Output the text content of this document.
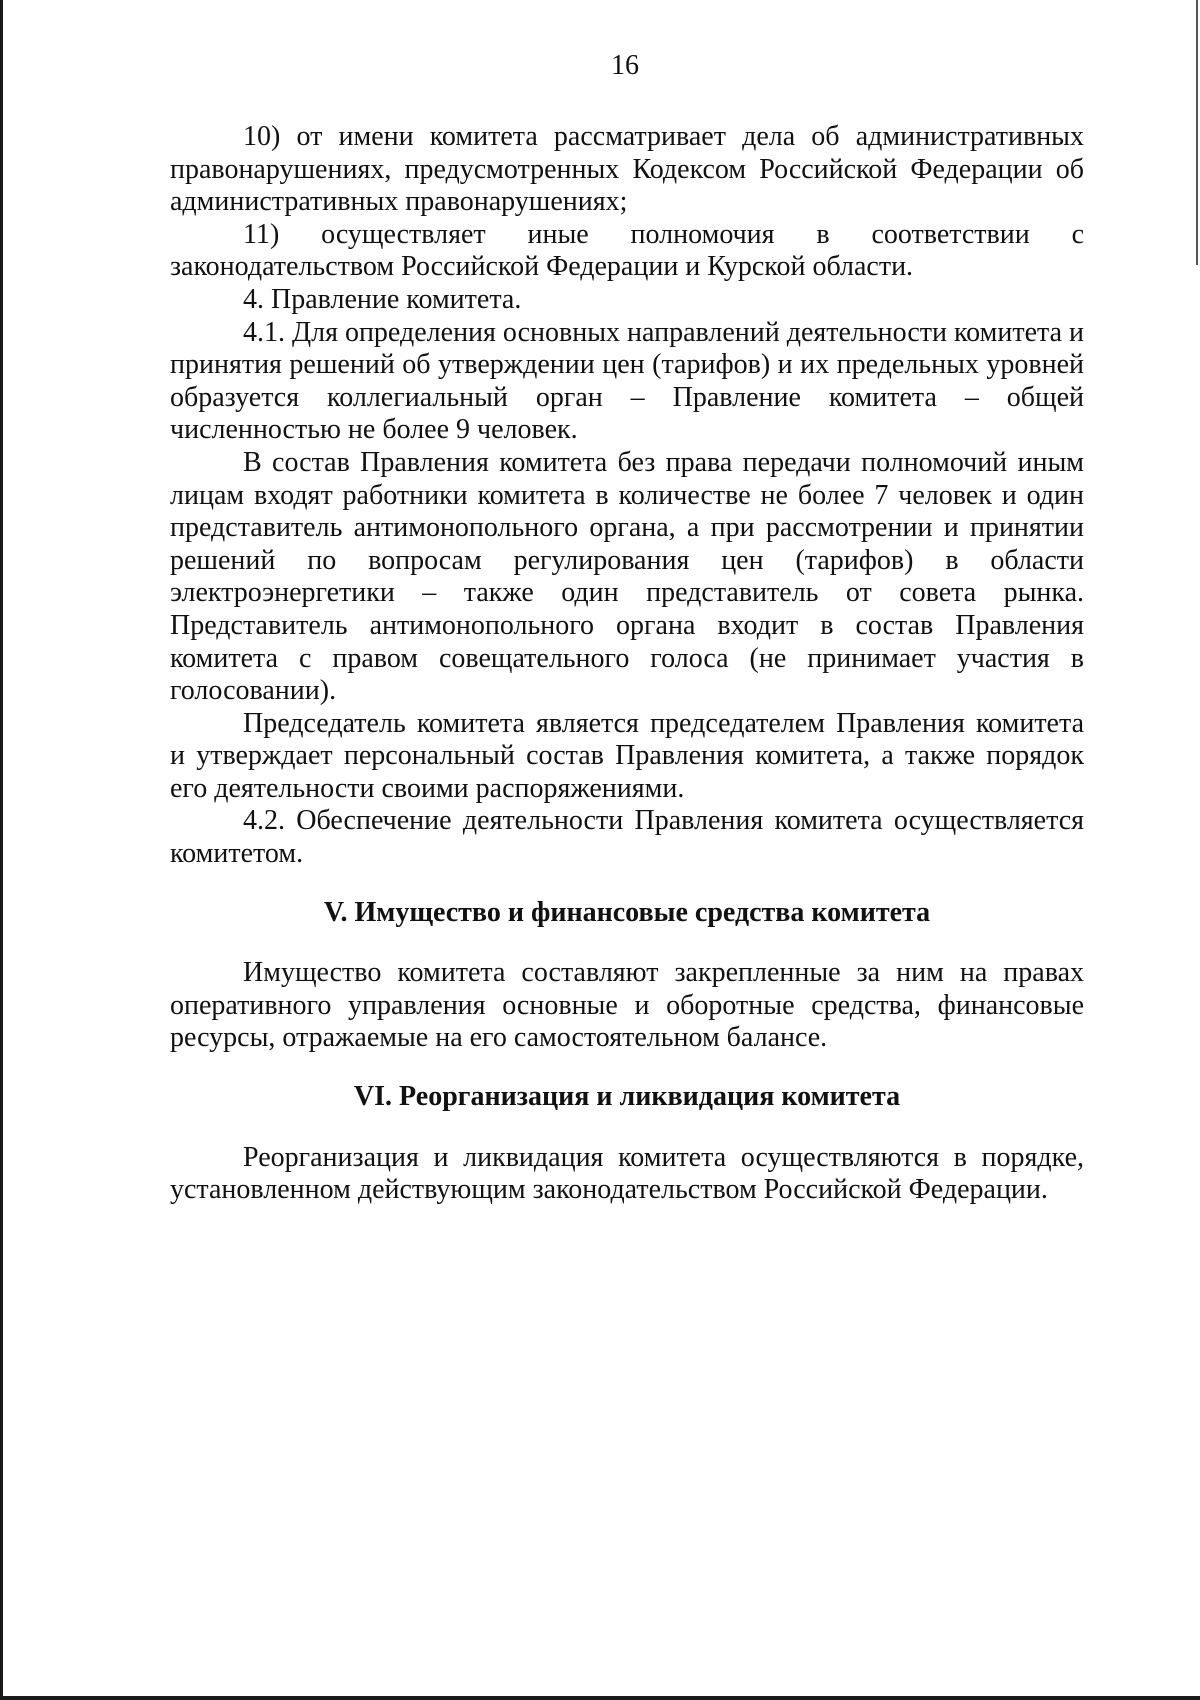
16

10) от имени комитета рассматривает дела об административных правонарушениях, предусмотренных Кодексом Российской Федерации об административных правонарушениях;

11) осуществляет иные полномочия в соответствии с законодательством Российской Федерации и Курской области.

4. Правление комитета.

4.1. Для определения основных направлений деятельности комитета и принятия решений об утверждении цен (тарифов) и их предельных уровней образуется коллегиальный орган – Правление комитета – общей численностью не более 9 человек.

В состав Правления комитета без права передачи полномочий иным лицам входят работники комитета в количестве не более 7 человек и один представитель антимонопольного органа, а при рассмотрении и принятии решений по вопросам регулирования цен (тарифов) в области электроэнергетики – также один представитель от совета рынка. Представитель антимонопольного органа входит в состав Правления комитета с правом совещательного голоса (не принимает участия в голосовании).

Председатель комитета является председателем Правления комитета и утверждает персональный состав Правления комитета, а также порядок его деятельности своими распоряжениями.

4.2. Обеспечение деятельности Правления комитета осуществляется комитетом.

V. Имущество и финансовые средства комитета

Имущество комитета составляют закрепленные за ним на правах оперативного управления основные и оборотные средства, финансовые ресурсы, отражаемые на его самостоятельном балансе.

VI. Реорганизация и ликвидация комитета

Реорганизация и ликвидация комитета осуществляются в порядке, установленном действующим законодательством Российской Федерации.
